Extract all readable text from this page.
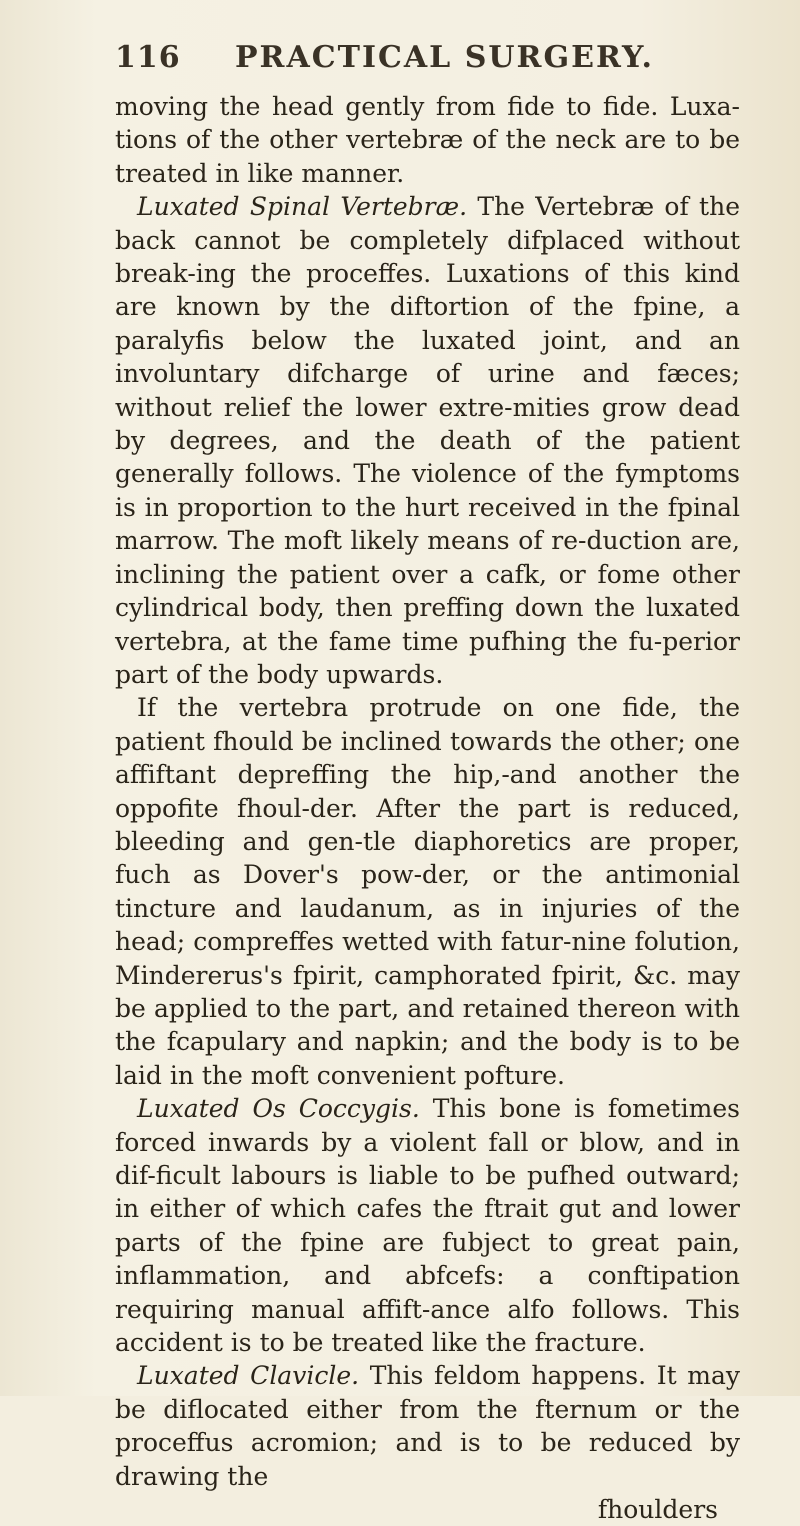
116	PRACTICAL SURGERY.

moving the head gently from fide to fide. Luxa-tions of the other vertebræ of the neck are to be treated in like manner.

Luxated Spinal Vertebræ. The Vertebræ of the back cannot be completely difplaced without break-ing the proceffes. Luxations of this kind are known by the diftortion of the fpine, a paralyfis below the luxated joint, and an involuntary difcharge of urine and fæces; without relief the lower extre-mities grow dead by degrees, and the death of the patient generally follows. The violence of the fymptoms is in proportion to the hurt received in the fpinal marrow. The moft likely means of re-duction are, inclining the patient over a cafk, or fome other cylindrical body, then preffing down the luxated vertebra, at the fame time pufhing the fu-perior part of the body upwards.

If the vertebra protrude on one fide, the patient fhould be inclined towards the other; one affiftant depreffing the hip,-and another the oppofite fhoul-der. After the part is reduced, bleeding and gen-tle diaphoretics are proper, fuch as Dover's pow-der, or the antimonial tincture and laudanum, as in injuries of the head; compreffes wetted with fatur-nine folution, Mindererus's fpirit, camphorated fpirit, &c. may be applied to the part, and retained thereon with the fcapulary and napkin; and the body is to be laid in the moft convenient pofture.

Luxated Os Coccygis. This bone is fometimes forced inwards by a violent fall or blow, and in dif-ficult labours is liable to be pufhed outward; in either of which cafes the ftrait gut and lower parts of the fpine are fubject to great pain, inflammation, and abfcefs: a conftipation requiring manual affift-ance alfo follows. This accident is to be treated like the fracture.

Luxated Clavicle. This feldom happens. It may be diflocated either from the fternum or the proceffus acromion; and is to be reduced by drawing the

fhoulders
